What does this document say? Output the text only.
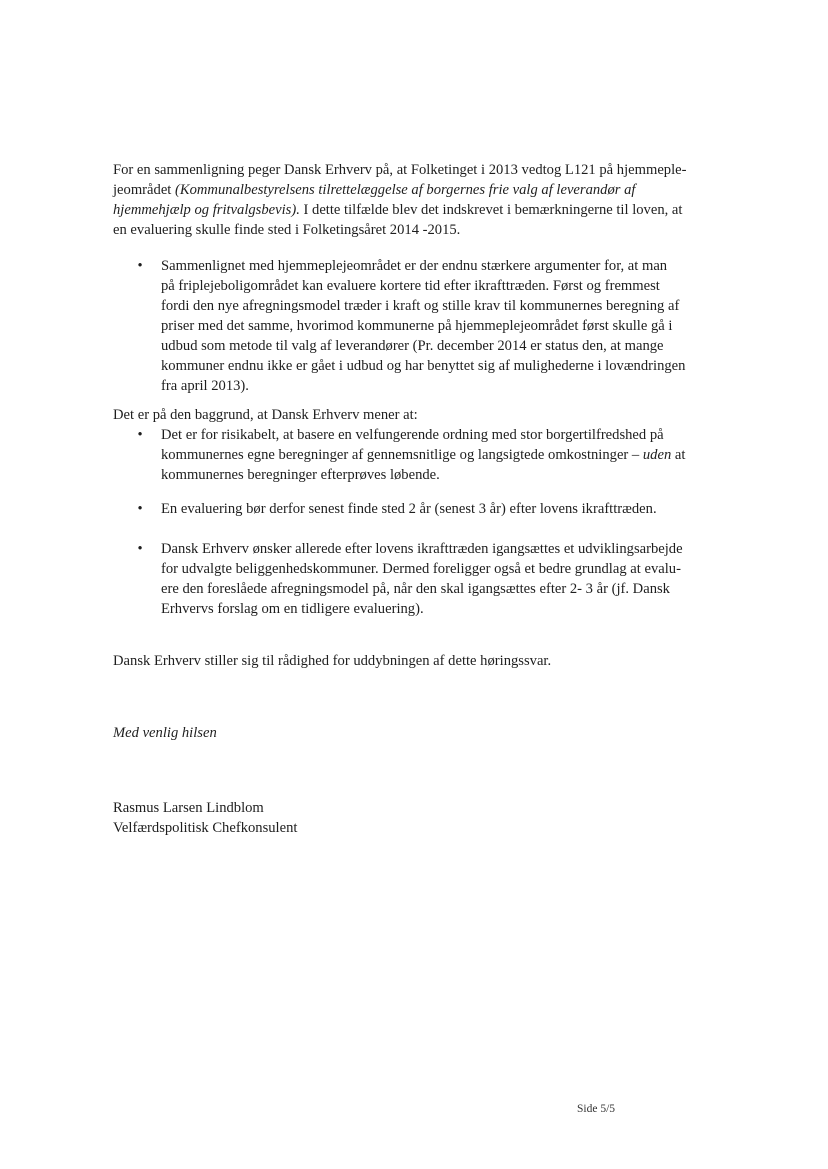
For en sammenligning peger Dansk Erhverv på, at Folketinget i 2013 vedtog L121 på hjemmeple-
jeområdet (Kommunalbestyrelsens tilrettelæggelse af borgernes frie valg af leverandør af
hjemmehjælp og fritvalgsbevis). I dette tilfælde blev det indskrevet i bemærkningerne til loven, at
en evaluering skulle finde sted i Folketingsåret 2014 -2015.

• Sammenlignet med hjemmeplejeområdet er der endnu stærkere argumenter for, at man
på friplejeboligområdet kan evaluere kortere tid efter ikrafttræden. Først og fremmest
fordi den nye afregningsmodel træder i kraft og stille krav til kommunernes beregning af
priser med det samme, hvorimod kommunerne på hjemmeplejeområdet først skulle gå i
udbud som metode til valg af leverandører (Pr. december 2014 er status den, at mange
kommuner endnu ikke er gået i udbud og har benyttet sig af mulighederne i lovændringen
fra april 2013).

Det er på den baggrund, at Dansk Erhverv mener at:

• Det er for risikabelt, at basere en velfungerende ordning med stor borgertilfredshed på
kommunernes egne beregninger af gennemsnitlige og langsigtede omkostninger – uden at
kommunernes beregninger efterprøves løbende.
• En evaluering bør derfor senest finde sted 2 år (senest 3 år) efter lovens ikrafttræden.
• Dansk Erhverv ønsker allerede efter lovens ikrafttræden igangsættes et udviklingsarbejde
for udvalgte beliggenhedskommuner. Dermed foreligger også et bedre grundlag at evalu-
ere den foreslåede afregningsmodel på, når den skal igangsættes efter 2- 3 år (jf. Dansk
Erhvervs forslag om en tidligere evaluering).

Dansk Erhverv stiller sig til rådighed for uddybningen af dette høringssvar.

Med venlig hilsen

Rasmus Larsen Lindblom
Velfærdspolitisk Chefkonsulent

Side 5/5
